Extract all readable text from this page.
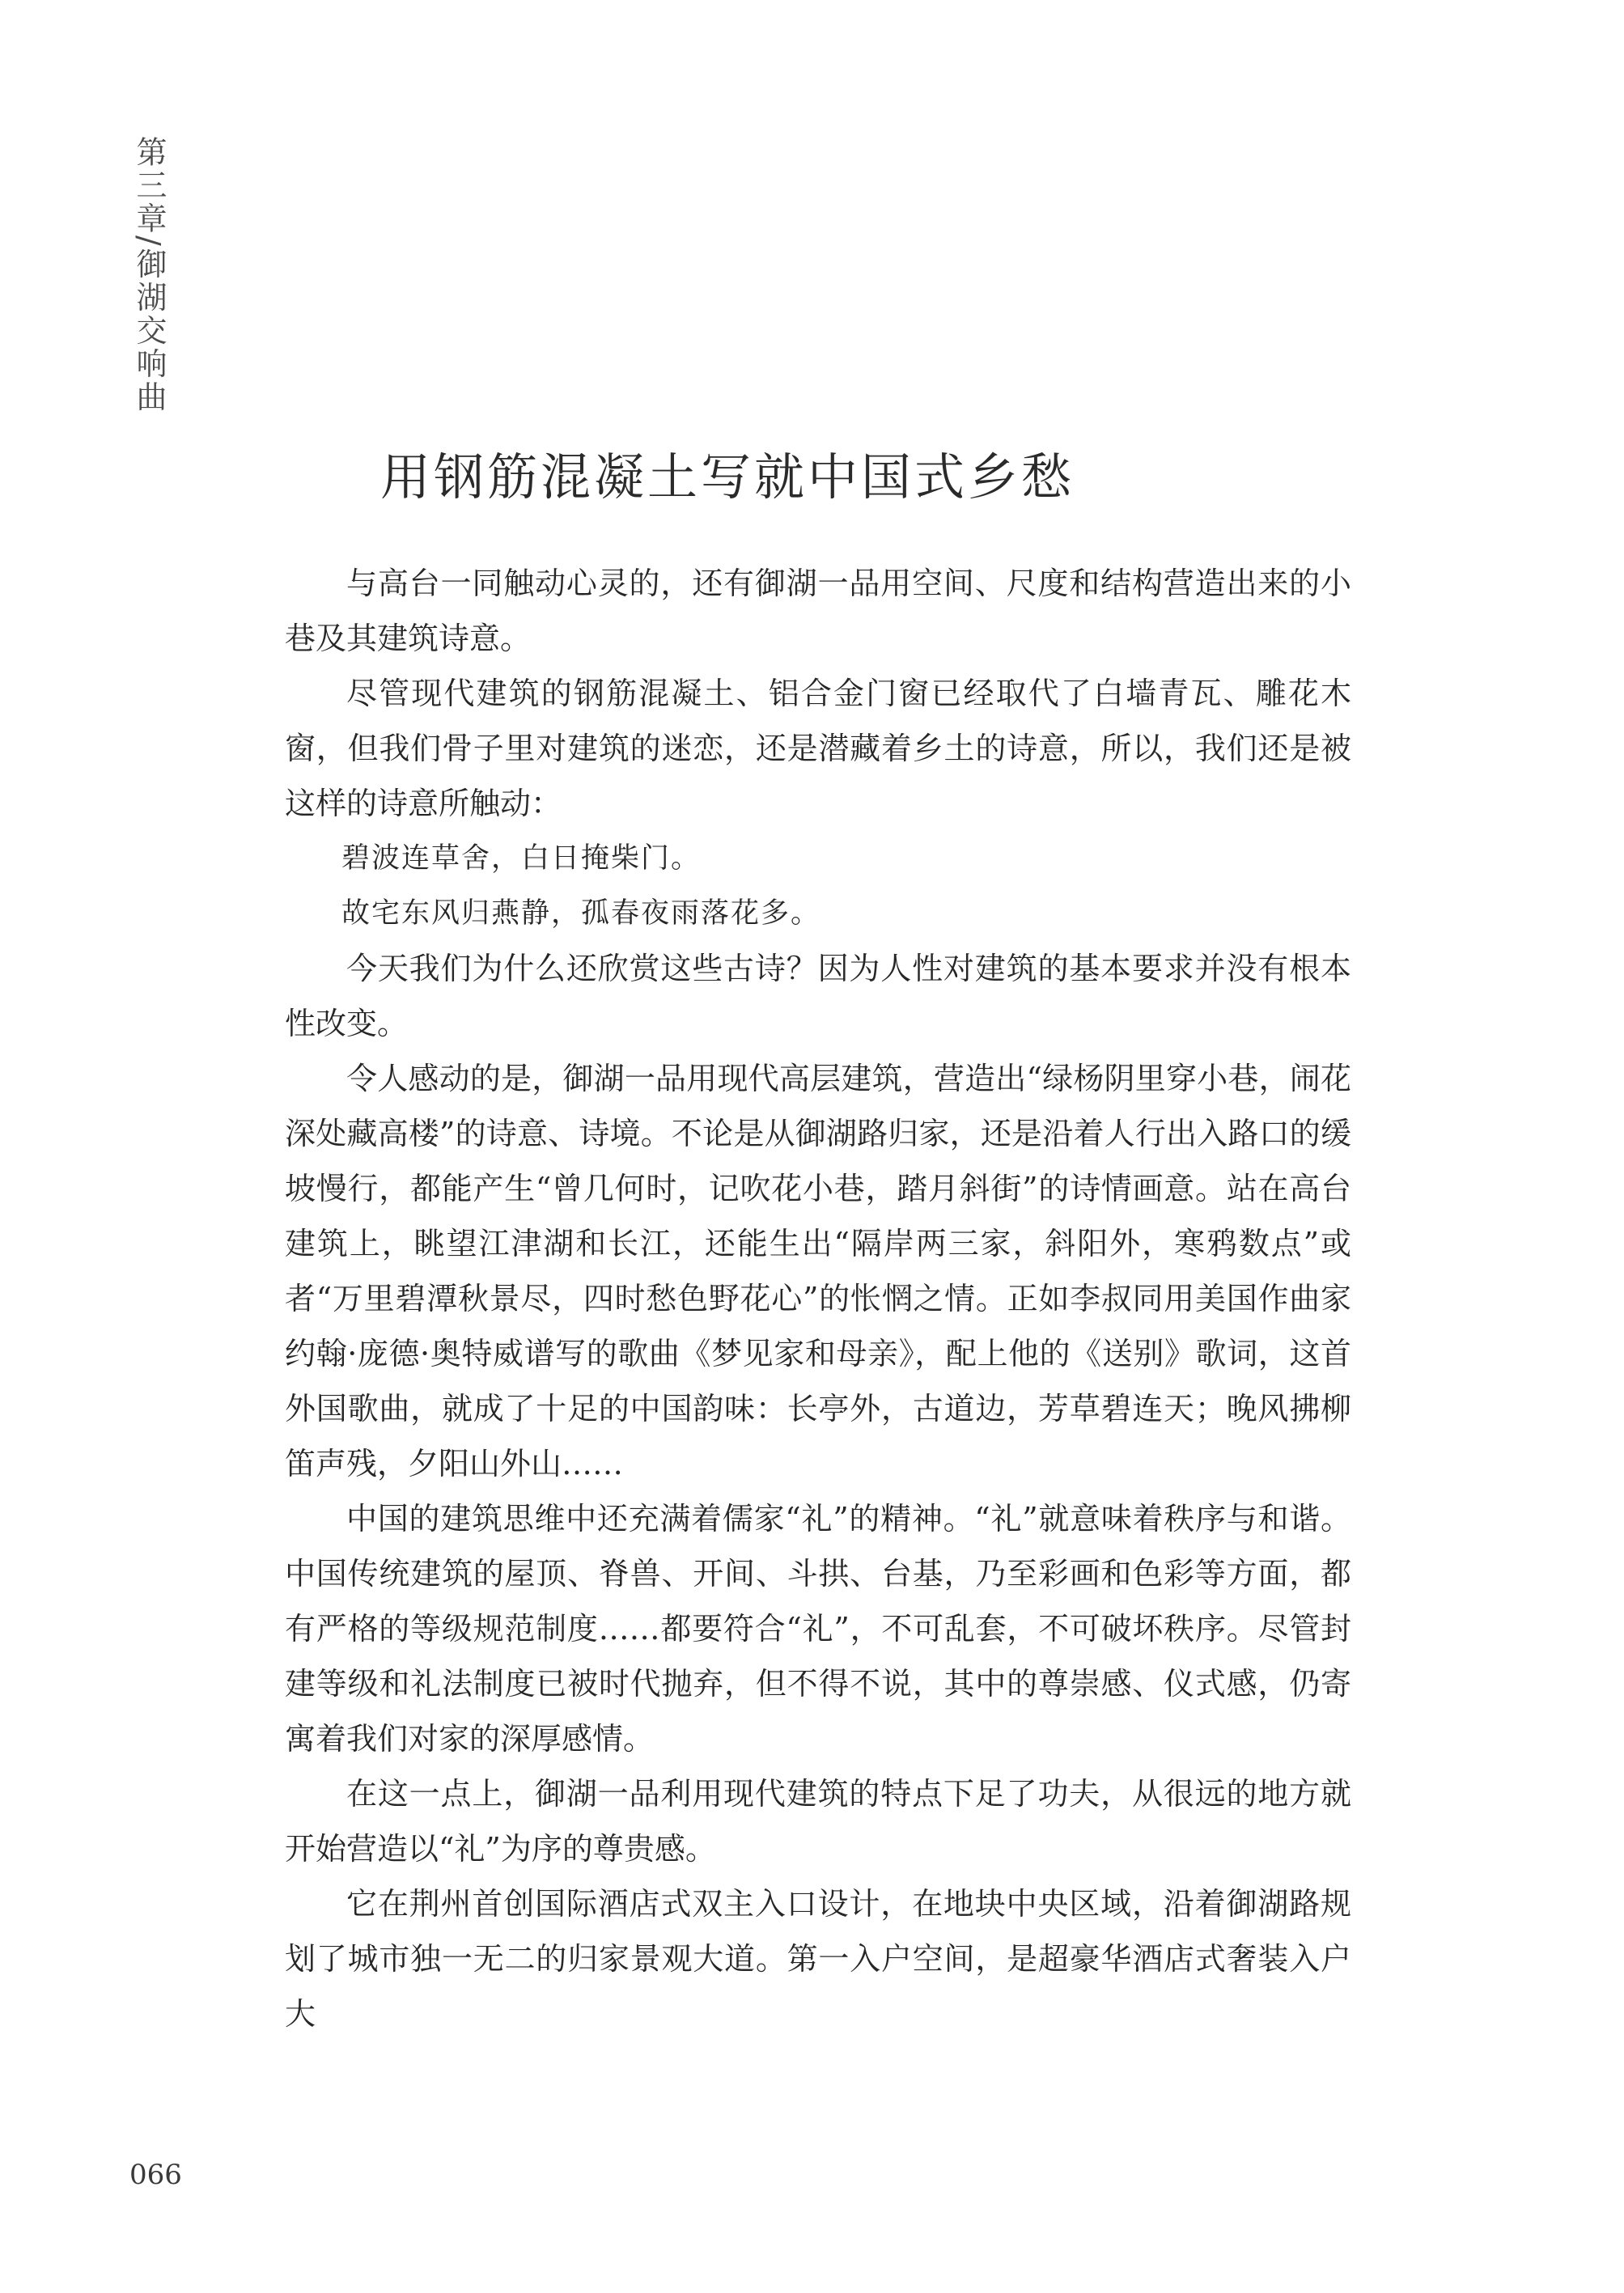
第三章/御湖交响曲
用钢筋混凝土写就中国式乡愁

与高台一同触动心灵的，还有御湖一品用空间、尺度和结构营造出来的小巷及其建筑诗意。

尽管现代建筑的钢筋混凝土、铝合金门窗已经取代了白墙青瓦、雕花木窗，但我们骨子里对建筑的迷恋，还是潜藏着乡土的诗意，所以，我们还是被这样的诗意所触动：

碧波连草舍，白日掩柴门。

故宅东风归燕静，孤春夜雨落花多。

今天我们为什么还欣赏这些古诗？因为人性对建筑的基本要求并没有根本性改变。

令人感动的是，御湖一品用现代高层建筑，营造出“绿杨阴里穿小巷，闹花深处藏高楼”的诗意、诗境。不论是从御湖路归家，还是沿着人行出入路口的缓坡慢行，都能产生“曾几何时，记吹花小巷，踏月斜街”的诗情画意。站在高台建筑上，眺望江津湖和长江，还能生出“隔岸两三家，斜阳外，寒鸦数点”或者“万里碧潭秋景尽，四时愁色野花心”的怅惘之情。正如李叔同用美国作曲家约翰·庞德·奥特威谱写的歌曲《梦见家和母亲》，配上他的《送别》歌词，这首外国歌曲，就成了十足的中国韵味：长亭外，古道边，芳草碧连天；晚风拂柳笛声残，夕阳山外山……

中国的建筑思维中还充满着儒家“礼”的精神。“礼”就意味着秩序与和谐。中国传统建筑的屋顶、脊兽、开间、斗拱、台基，乃至彩画和色彩等方面，都有严格的等级规范制度……都要符合“礼”，不可乱套，不可破坏秩序。尽管封建等级和礼法制度已被时代抛弃，但不得不说，其中的尊崇感、仪式感，仍寄寓着我们对家的深厚感情。

在这一点上，御湖一品利用现代建筑的特点下足了功夫，从很远的地方就开始营造以“礼”为序的尊贵感。

它在荆州首创国际酒店式双主入口设计，在地块中央区域，沿着御湖路规划了城市独一无二的归家景观大道。第一入户空间，是超豪华酒店式奢装入户大

066
